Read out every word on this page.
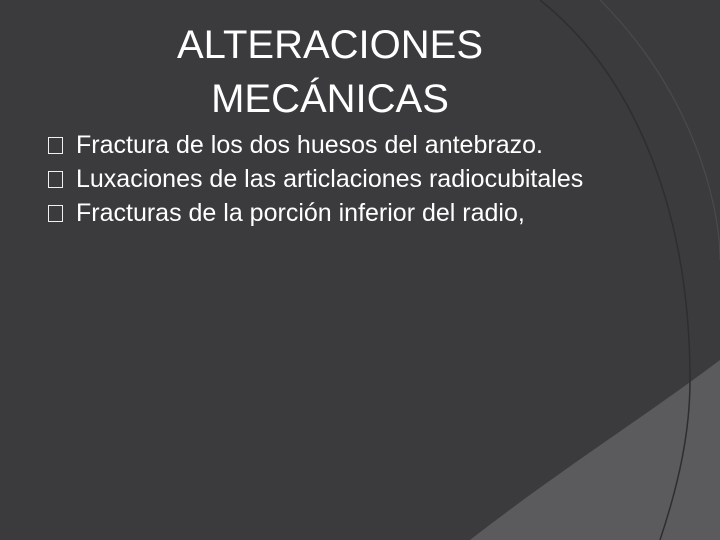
ALTERACIONES
MECÁNICAS
Fractura de los dos huesos del antebrazo.
Luxaciones de las articlaciones radiocubitales
Fracturas de la porción inferior del radio,
